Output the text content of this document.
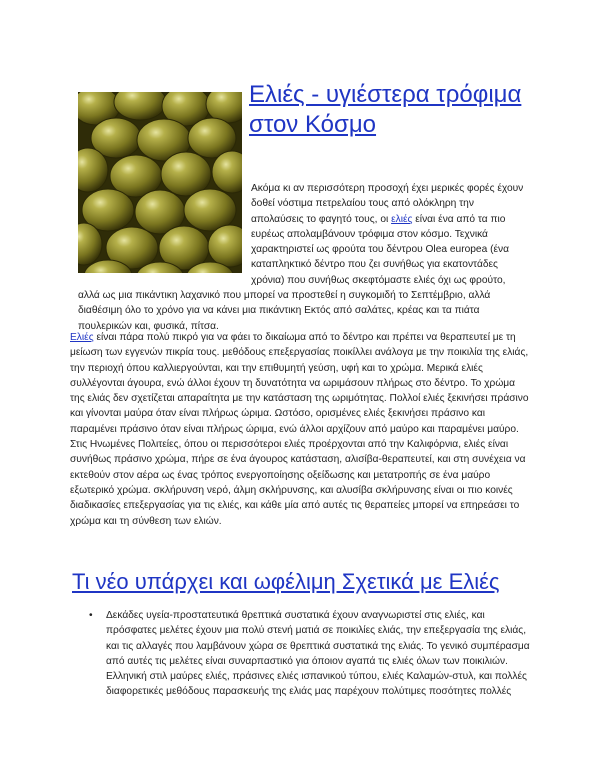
Ελιές - υγιέστερα τρόφιμα στον Κόσμο
Ακόμα κι αν περισσότερη προσοχή έχει μερικές φορές έχουν
δοθεί νόστιμα πετρελαίου τους από ολόκληρη την
απολαύσεις το φαγητό τους, οι ελιές είναι ένα από τα πιο
ευρέως απολαμβάνουν τρόφιμα στον κόσμο. Τεχνικά
χαρακτηριστεί ως φρούτα του δέντρου Olea europea (ένα
καταπληκτικό δέντρο που ζει συνήθως για εκατοντάδες χρόνια) που συνήθως σκεφτόμαστε ελιές όχι ως φρούτο, αλλά ως μια πικάντικη λαχανικό που μπορεί να προστεθεί η συγκομιδή το Σεπτέμβριο, αλλά διαθέσιμη όλο το χρόνο για να κάνει μια πικάντικη Εκτός από σαλάτες, κρέας και τα πιάτα πουλερικών και, φυσικά, πίτσα.

Ελιές είναι πάρα πολύ πικρό για να φάει το δικαίωμα από το δέντρο και πρέπει να θεραπευτεί με τη μείωση των εγγενών πικρία τους. μεθόδους επεξεργασίας ποικίλλει ανάλογα με την ποικιλία της ελιάς, την περιοχή όπου καλλιεργούνται, και την επιθυμητή γεύση, υφή και το χρώμα. Μερικά ελιές συλλέγονται άγουρα, ενώ άλλοι έχουν τη δυνατότητα να ωριμάσουν πλήρως στο δέντρο. Το χρώμα της ελιάς δεν σχετίζεται απαραίτητα με την κατάσταση της ωριμότητας. Πολλοί ελιές ξεκινήσει πράσινο και γίνονται μαύρα όταν είναι πλήρως ώριμα. Ωστόσο, ορισμένες ελιές ξεκινήσει πράσινο και παραμένει πράσινο όταν είναι πλήρως ώριμα, ενώ άλλοι αρχίζουν από μαύρο και παραμένει μαύρο. Στις Ηνωμένες Πολιτείες, όπου οι περισσότεροι ελιές προέρχονται από την Καλιφόρνια, ελιές είναι συνήθως πράσινο χρώμα, πήρε σε ένα άγουρος κατάσταση, αλισίβα-θεραπευτεί, και στη συνέχεια να εκτεθούν στον αέρα ως ένας τρόπος ενεργοποίησης οξείδωσης και μετατροπής σε ένα μαύρο εξωτερικό χρώμα. σκλήρυνση νερό, άλμη σκλήρυνσης, και αλυσίβα σκλήρυνσης είναι οι πιο κοινές διαδικασίες επεξεργασίας για τις ελιές, και κάθε μία από αυτές τις θεραπείες μπορεί να επηρεάσει το χρώμα και τη σύνθεση των ελιών.

Τι νέο υπάρχει και ωφέλιμη Σχετικά με Ελιές
• Δεκάδες υγεία-προστατευτικά θρεπτικά συστατικά έχουν αναγνωριστεί στις ελιές, και πρόσφατες μελέτες έχουν μια πολύ στενή ματιά σε ποικιλίες ελιάς, την επεξεργασία της ελιάς, και τις αλλαγές που λαμβάνουν χώρα σε θρεπτικά συστατικά της ελιάς. Το γενικό συμπέρασμα από αυτές τις μελέτες είναι συναρπαστικό για όποιον αγαπά τις ελιές όλων των ποικιλιών. Ελληνική στιλ μαύρες ελιές, πράσινες ελιές ισπανικού τύπου, ελιές Καλαμών-στυλ, και πολλές διαφορετικές μεθόδους παρασκευής της ελιάς μας παρέχουν πολύτιμες ποσότητες πολλές
